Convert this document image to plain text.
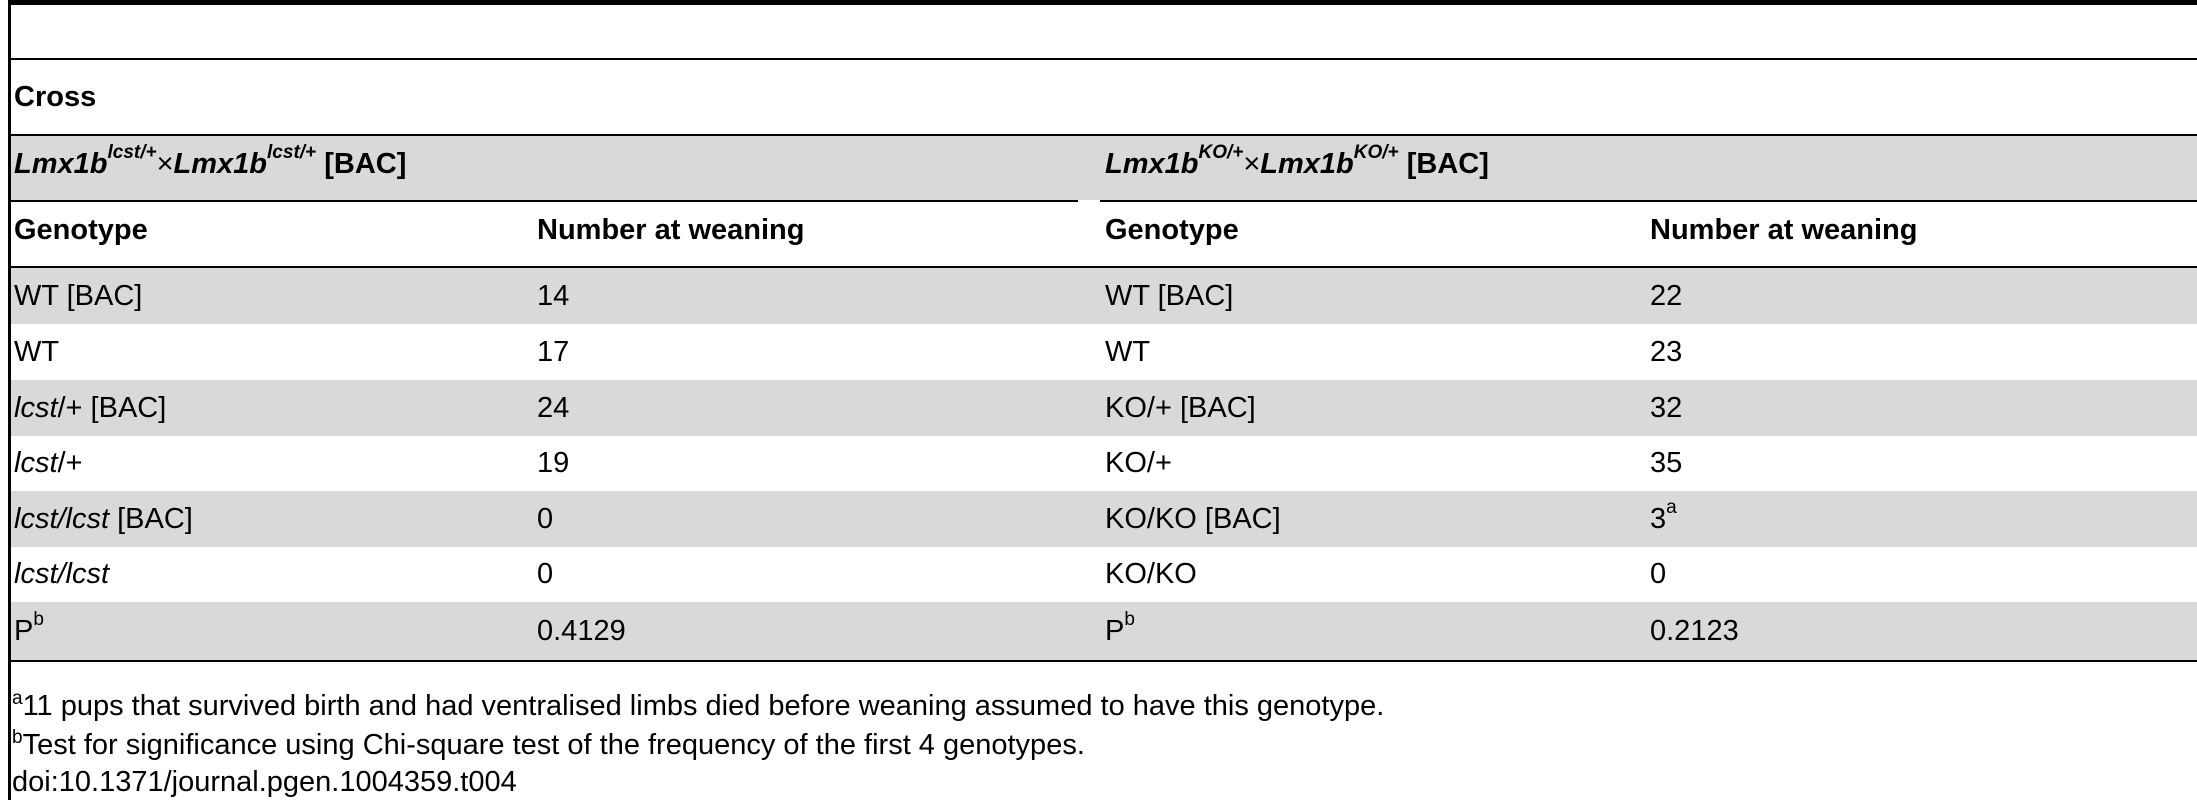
Cross
$Lmx1b^{lcst/+}\times Lmx1b^{lcst/+}$ [BAC]	$Lmx1b^{KO/+}\times Lmx1b^{KO/+}$ [BAC]
Genotype	Number at weaning	Genotype	Number at weaning
WT [BAC]	14	WT [BAC]	22
WT	17	WT	23
lcst/+ [BAC]	24	KO/+ [BAC]	32
lcst/+	19	KO/+	35
lcst/lcst [BAC]	0	KO/KO [BAC]	3$^a$
lcst/lcst	0	KO/KO	0
$P^b$	0.4129	$P^b$	0.2123
$^a$11 pups that survived birth and had ventralised limbs died before weaning assumed to have this genotype.
$^b$Test for significance using Chi-square test of the frequency of the first 4 genotypes.
doi:10.1371/journal.pgen.1004359.t004
